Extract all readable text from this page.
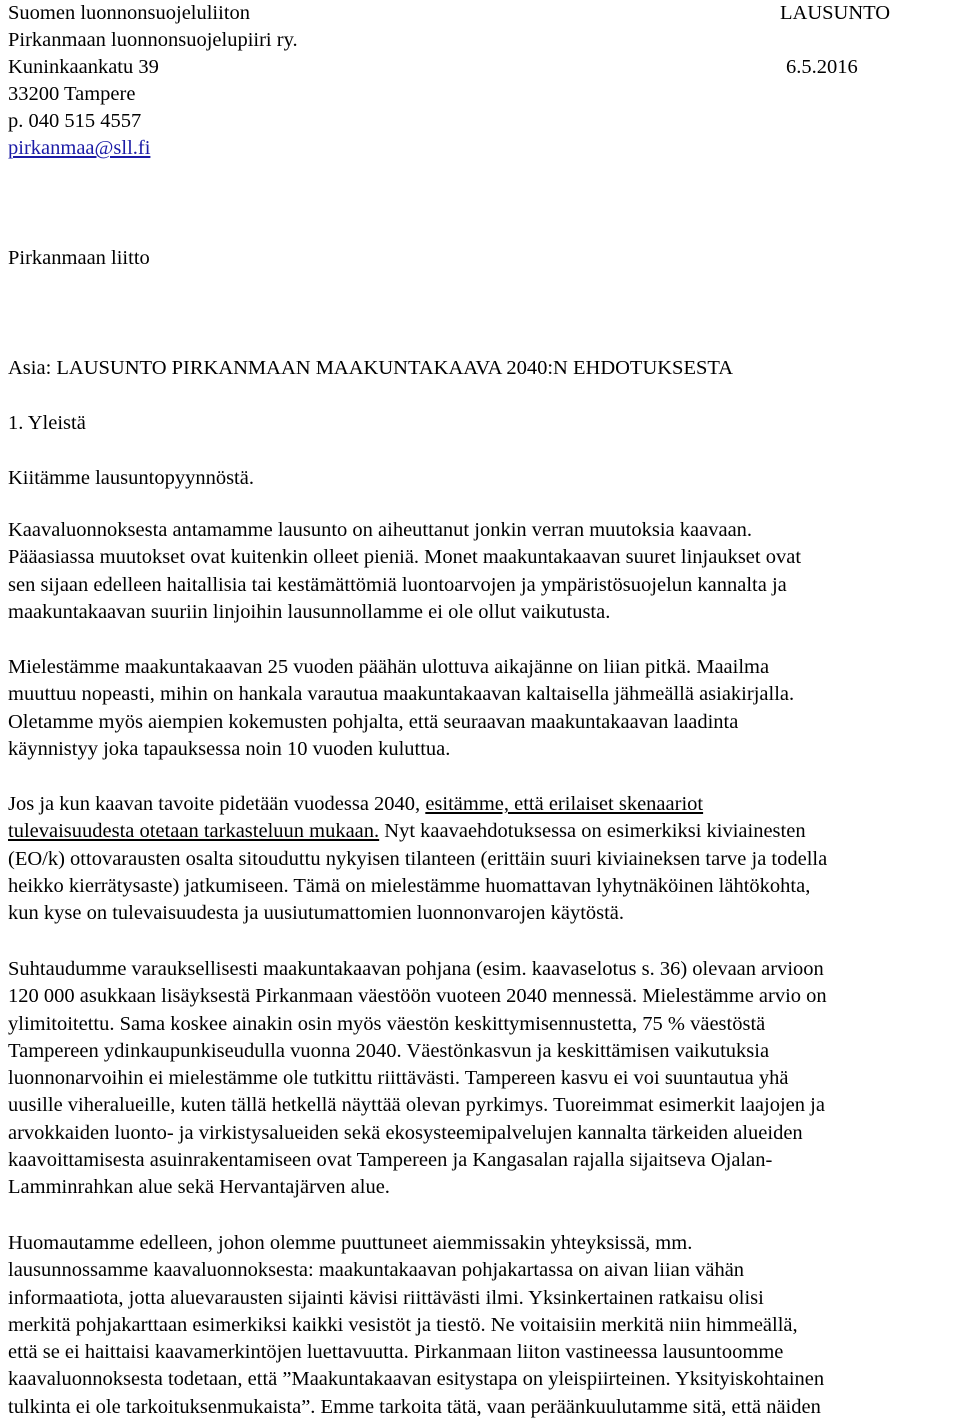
Suomen luonnonsuojeluliiton	LAUSUNTO
Pirkanmaan luonnonsuojelupiiri ry.
Kuninkaankatu 39	6.5.2016
33200 Tampere
p. 040 515 4557
pirkanmaa@sll.fi
Pirkanmaan liitto
Asia: LAUSUNTO PIRKANMAAN MAAKUNTAKAAVA 2040:N EHDOTUKSESTA
1. Yleistä
Kiitämme lausuntopyynnöstä.
Kaavaluonnoksesta antamamme lausunto on aiheuttanut jonkin verran muutoksia kaavaan.
Pääasiassa muutokset ovat kuitenkin olleet pieniä. Monet maakuntakaavan suuret linjaukset ovat
sen sijaan edelleen haitallisia tai kestämättömiä luontoarvojen ja ympäristösuojelun kannalta ja
maakuntakaavan suuriin linjoihin lausunnollamme ei ole ollut vaikutusta.
Mielestämme maakuntakaavan 25 vuoden päähän ulottuva aikajänne on liian pitkä. Maailma
muuttuu nopeasti, mihin on hankala varautua maakuntakaavan kaltaisella jähmeällä asiakirjalla.
Oletamme myös aiempien kokemusten pohjalta, että seuraavan maakuntakaavan laadinta
käynnistyy joka tapauksessa noin 10 vuoden kuluttua.
Jos ja kun kaavan tavoite pidetään vuodessa 2040, esitämme, että erilaiset skenaariot
tulevaisuudesta otetaan tarkasteluun mukaan. Nyt kaavaehdotuksessa on esimerkiksi kiviainesten
(EO/k) ottovarausten osalta sitouduttu nykyisen tilanteen (erittäin suuri kiviaineksen tarve ja todella
heikko kierrätysaste) jatkumiseen. Tämä on mielestämme huomattavan lyhytnäköinen lähtökohta,
kun kyse on tulevaisuudesta ja uusiutumattomien luonnonvarojen käytöstä.
Suhtaudumme varauksellisesti maakuntakaavan pohjana (esim. kaavaselotus s. 36) olevaan arvioon
120 000 asukkaan lisäyksestä Pirkanmaan väestöön vuoteen 2040 mennessä. Mielestämme arvio on
ylimitoitettu. Sama koskee ainakin osin myös väestön keskittymisennustetta, 75 % väestöstä
Tampereen ydinkaupunkiseudulla vuonna 2040. Väestönkasvun ja keskittämisen vaikutuksia
luonnonarvoihin ei mielestämme ole tutkittu riittävästi. Tampereen kasvu ei voi suuntautua yhä
uusille viheralueille, kuten tällä hetkellä näyttää olevan pyrkimys. Tuoreimmat esimerkit laajojen ja
arvokkaiden luonto- ja virkistysalueiden sekä ekosysteemipalvelujen kannalta tärkeiden alueiden
kaavoittamisesta asuinrakentamiseen ovat Tampereen ja Kangasalan rajalla sijaitseva Ojalan-
Lamminrahkan alue sekä Hervantajärven alue.
Huomautamme edelleen, johon olemme puuttuneet aiemmissakin yhteyksissä, mm.
lausunnossamme kaavaluonnoksesta: maakuntakaavan pohjakartassa on aivan liian vähän
informaatiota, jotta aluevarausten sijainti kävisi riittävästi ilmi. Yksinkertainen ratkaisu olisi
merkitä pohjakarttaan esimerkiksi kaikki vesistöt ja tiestö. Ne voitaisiin merkitä niin himmeällä,
että se ei haittaisi kaavamerkintöjen luettavuutta. Pirkanmaan liiton vastineessa lausuntoomme
kaavaluonnoksesta todetaan, että ”Maakuntakaavan esitystapa on yleispiirteinen. Yksityiskohtainen
tulkinta ei ole tarkoituksenmukaista”. Emme tarkoita tätä, vaan peräänkuulutamme sitä, että näiden
